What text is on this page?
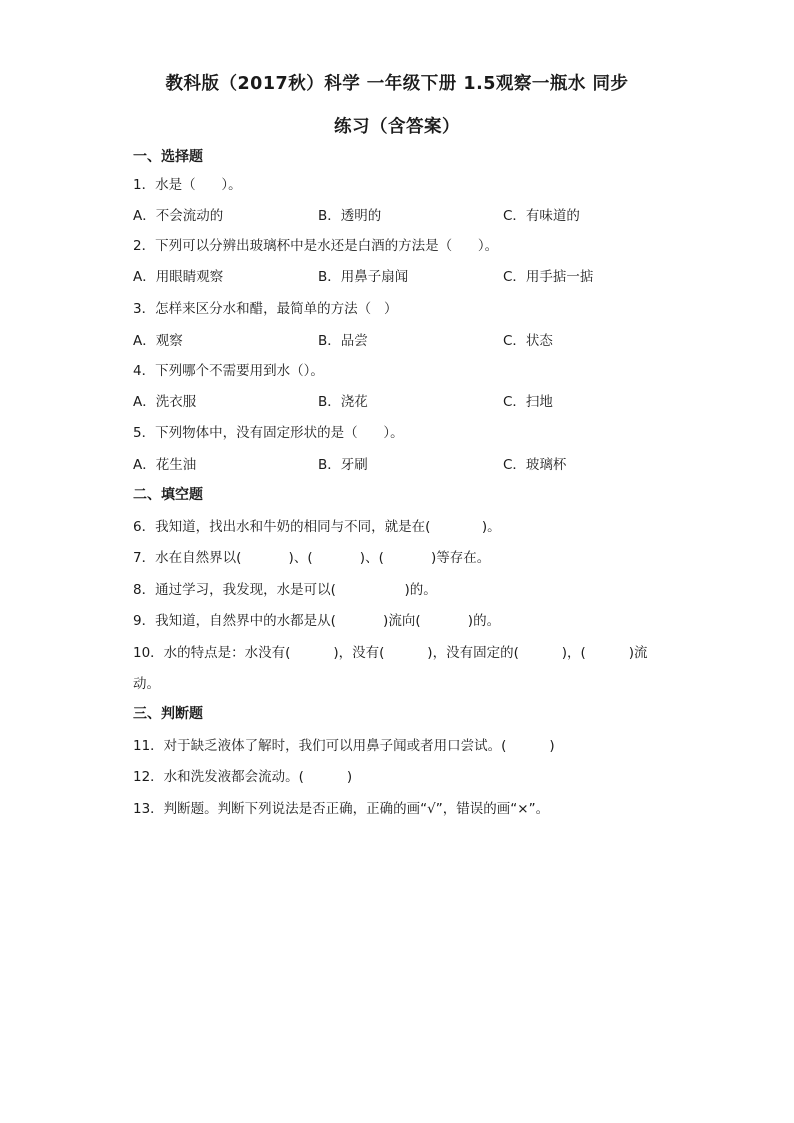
教科版（2017秋）科学 一年级下册 1.5观察一瓶水 同步
练习（含答案）
一、选择题
1．水是（      ）。
A．不会流动的	B．透明的	C．有味道的
2．下列可以分辨出玻璃杯中是水还是白酒的方法是（      ）。
A．用眼睛观察	B．用鼻子扇闻	C．用手掂一掂
3．怎样来区分水和醋，最简单的方法（   ）
A．观察	B．品尝	C．状态
4．下列哪个不需要用到水（）。
A．洗衣服	B．浇花	C．扫地
5．下列物体中，没有固定形状的是（      ）。
A．花生油	B．牙刷	C．玻璃杯
二、填空题
6．我知道，找出水和牛奶的相同与不同，就是在(            )。
7．水在自然界以(           )、(           )、(           )等存在。
8．通过学习，我发现，水是可以(                )的。
9．我知道，自然界中的水都是从(           )流向(           )的。
10．水的特点是：水没有(          )，没有(          )，没有固定的(          )，(          )流
动。
三、判断题
11．对于缺乏液体了解时，我们可以用鼻子闻或者用口尝试。(          )
12．水和洗发液都会流动。(          )
13．判断题。判断下列说法是否正确，正确的画“√”，错误的画“×”。
